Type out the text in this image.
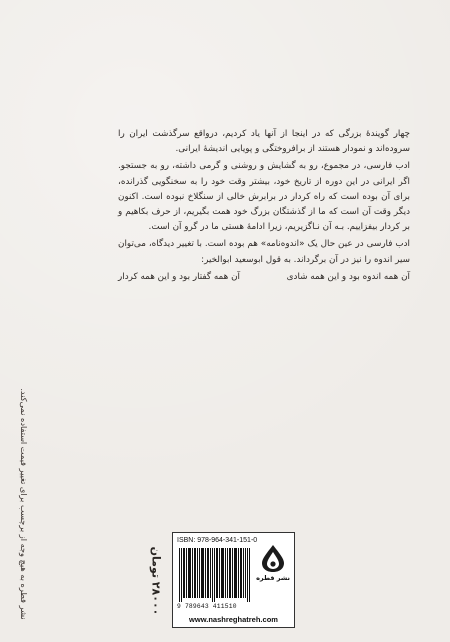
چهار گویندهٔ بزرگی که در اینجا از آنها یاد کردیم، درواقع سرگذشت ایران را سروده‌اند و نمودار هستند از برافروختگی و پویایی اندیشهٔ ایرانی.

ادب فارسی، در مجموع، رو به گشایش و روشنی و گرمی داشته، رو به جستجو. اگر ایرانی در این دوره از تاریخ خود، بیشتر وقت خود را به سخنگویی گذرانده، برای آن بوده است که راه کردار در برابرش خالی از سنگلاخ نبوده است. اکنون دیگر وقت آن است که ما از گذشتگان بزرگ خود همت بگیریم، از حرف بکاهیم و بر کردار بیفزاییم. بـه آن نـاگزیریم، زیرا ادامهٔ هستی ما در گرو آن است.

ادب فارسی در عین حال یک «اندوه‌نامه» هم بوده است. با تغییر دیدگاه، می‌توان سیر اندوه را نیز در آن برگرداند. به قول ابوسعید ابوالخیر:

آن همه اندوه بود و این همه شادی
آن همه گفتار بود و این همه کردار
نشر قطره به هیچ وجه از برچسب برای تغییر قیمت استفاده نمی‌کند.	۲۸۰۰۰ تومان
ISBN: 978-964-341-151-0
9 789643 411510
نشر قطره
www.nashreghatreh.com
